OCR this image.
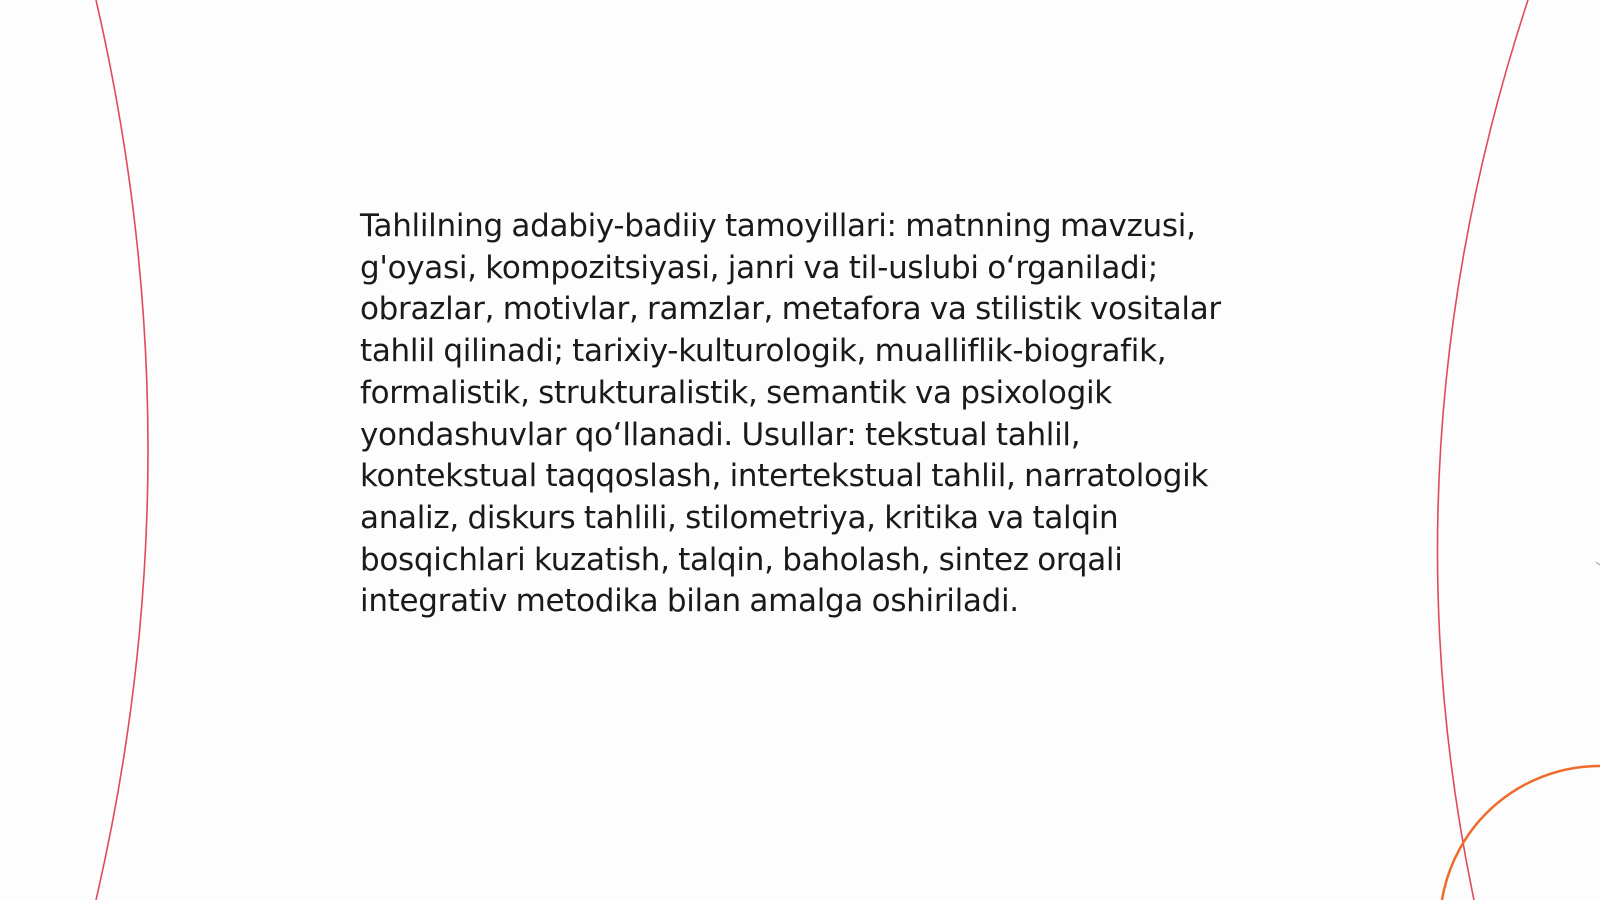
Tahlilning adabiy-badiiy tamoyillari: matnning mavzusi, g'oyasi, kompozitsiyasi, janri va til-uslubi o‘rganiladi; obrazlar, motivlar, ramzlar, metafora va stilistik vositalar tahlil qilinadi; tarixiy-kulturologik, mualliflik-biografik, formalistik, strukturalistik, semantik va psixologik yondashuvlar qo‘llanadi. Usullar: tekstual tahlil, kontekstual taqqoslash, intertekstual tahlil, narratologik analiz, diskurs tahlili, stilometriya, kritika va talqin bosqichlari kuzatish, talqin, baholash, sintez orqali integrativ metodika bilan amalga oshiriladi.
